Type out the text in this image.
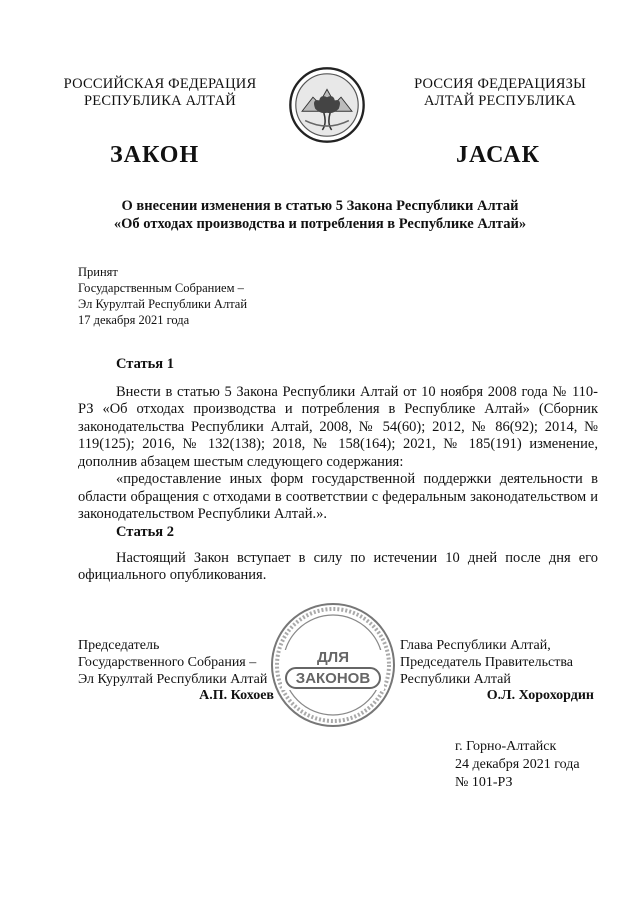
РОССИЙСКАЯ ФЕДЕРАЦИЯ
РЕСПУБЛИКА АЛТАЙ
РОССИЯ ФЕДЕРАЦИЯЗЫ
АЛТАЙ РЕСПУБЛИКА
ЗАКОН	JАСАК
О внесении изменения в статью 5 Закона Республики Алтай
«Об отходах производства и потребления в Республике Алтай»
Принят
Государственным Собранием –
Эл Курултай Республики Алтай
17 декабря 2021 года
Статья 1
Внести в статью 5 Закона Республики Алтай от 10 ноября 2008 года № 110-РЗ «Об отходах производства и потребления в Республике Алтай» (Сборник законодательства Республики Алтай, 2008, № 54(60); 2012, № 86(92); 2014, № 119(125); 2016, № 132(138); 2018, № 158(164); 2021, № 185(191) изменение, дополнив абзацем шестым следующего содержания:
«предоставление иных форм государственной поддержки деятельности в области обращения с отходами в соответствии с федеральным законодательством и законодательством Республики Алтай.».
Статья 2
Настоящий Закон вступает в силу по истечении 10 дней после дня его официального опубликования.
ДЛЯ
ЗАКОНОВ
Председатель
Государственного Собрания –
Эл Курултай Республики Алтай
А.П. Кохоев
Глава Республики Алтай,
Председатель Правительства
Республики Алтай
О.Л. Хорохордин
г. Горно-Алтайск
24 декабря 2021 года
№ 101-РЗ
